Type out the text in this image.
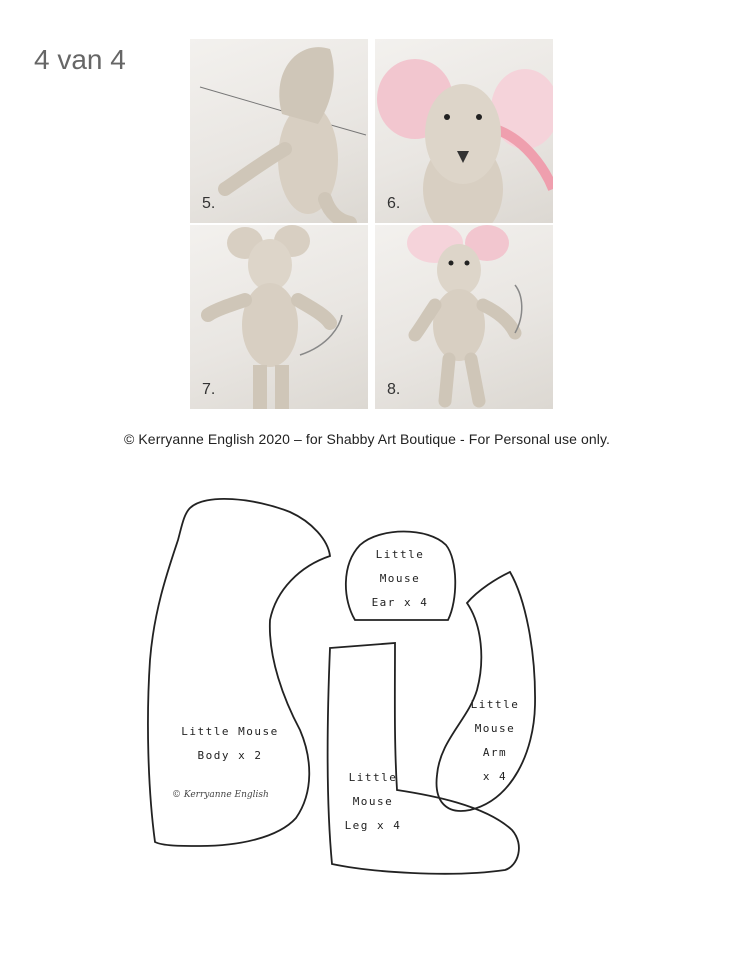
4 van 4
5.	6.
7.	8.
© Kerryanne English 2020 – for Shabby Art Boutique - For Personal use only.
Little Mouse
Body x 2
© Kerryanne English
Little
Mouse
Ear x 4
Little
Mouse
Leg x 4
Little
Mouse
Arm
x 4
